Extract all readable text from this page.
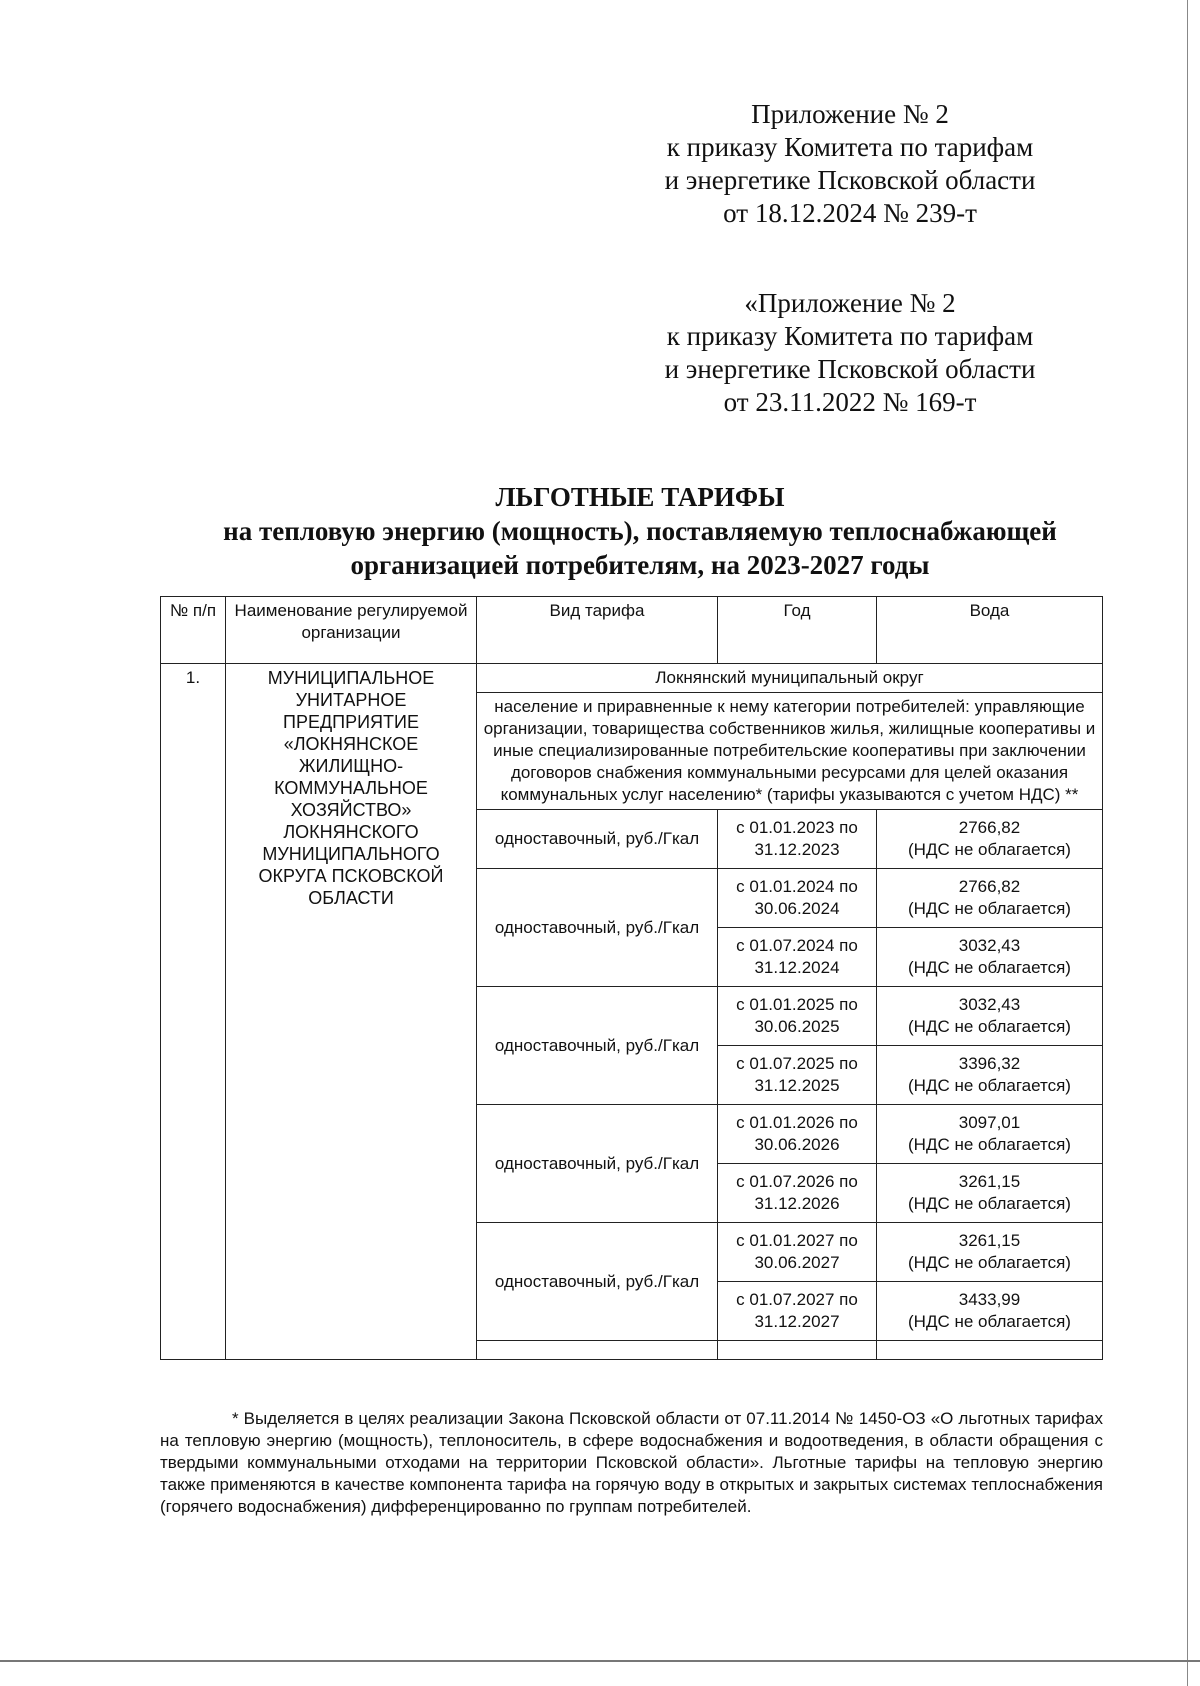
Приложение № 2
к приказу Комитета по тарифам
и энергетике Псковской области
от 18.12.2024 № 239-т
«Приложение № 2
к приказу Комитета по тарифам
и энергетике Псковской области
от 23.11.2022 № 169-т
ЛЬГОТНЫЕ ТАРИФЫ
на тепловую энергию (мощность), поставляемую теплоснабжающей
организацией потребителям, на 2023-2027 годы
№ п/п	Наименование регулируемой организации	Вид тарифа	Год	Вода
1.	МУНИЦИПАЛЬНОЕ УНИТАРНОЕ ПРЕДПРИЯТИЕ «ЛОКНЯНСКОЕ ЖИЛИЩНО-КОММУНАЛЬНОЕ ХОЗЯЙСТВО» ЛОКНЯНСКОГО МУНИЦИПАЛЬНОГО ОКРУГА ПСКОВСКОЙ ОБЛАСТИ	Локнянский муниципальный округ		
		население и приравненные к нему категории потребителей: управляющие организации, товарищества собственников жилья, жилищные кооперативы и иные специализированные потребительские кооперативы при заключении договоров снабжения коммунальными ресурсами для целей оказания коммунальных услуг населению* (тарифы указываются с учетом НДС) **		
		одноставочный, руб./Гкал	с 01.01.2023 по 31.12.2023	2766,82
(НДС не облагается)
		одноставочный, руб./Гкал	с 01.01.2024 по 30.06.2024	2766,82
(НДС не облагается)
			с 01.07.2024 по 31.12.2024	3032,43
(НДС не облагается)
		одноставочный, руб./Гкал	с 01.01.2025 по 30.06.2025	3032,43
(НДС не облагается)
			с 01.07.2025 по 31.12.2025	3396,32
(НДС не облагается)
		одноставочный, руб./Гкал	с 01.01.2026 по 30.06.2026	3097,01
(НДС не облагается)
			с 01.07.2026 по 31.12.2026	3261,15
(НДС не облагается)
		одноставочный, руб./Гкал	с 01.01.2027 по 30.06.2027	3261,15
(НДС не облагается)
			с 01.07.2027 по 31.12.2027	3433,99
(НДС не облагается)

* Выделяется в целях реализации Закона Псковской области от 07.11.2014 № 1450-ОЗ «О льготных тарифах на тепловую энергию (мощность), теплоноситель, в сфере водоснабжения и водоотведения, в области обращения с твердыми коммунальными отходами на территории Псковской области». Льготные тарифы на тепловую энергию также применяются в качестве компонента тарифа на горячую воду в открытых и закрытых системах теплоснабжения (горячего водоснабжения) дифференцированно по группам потребителей.
